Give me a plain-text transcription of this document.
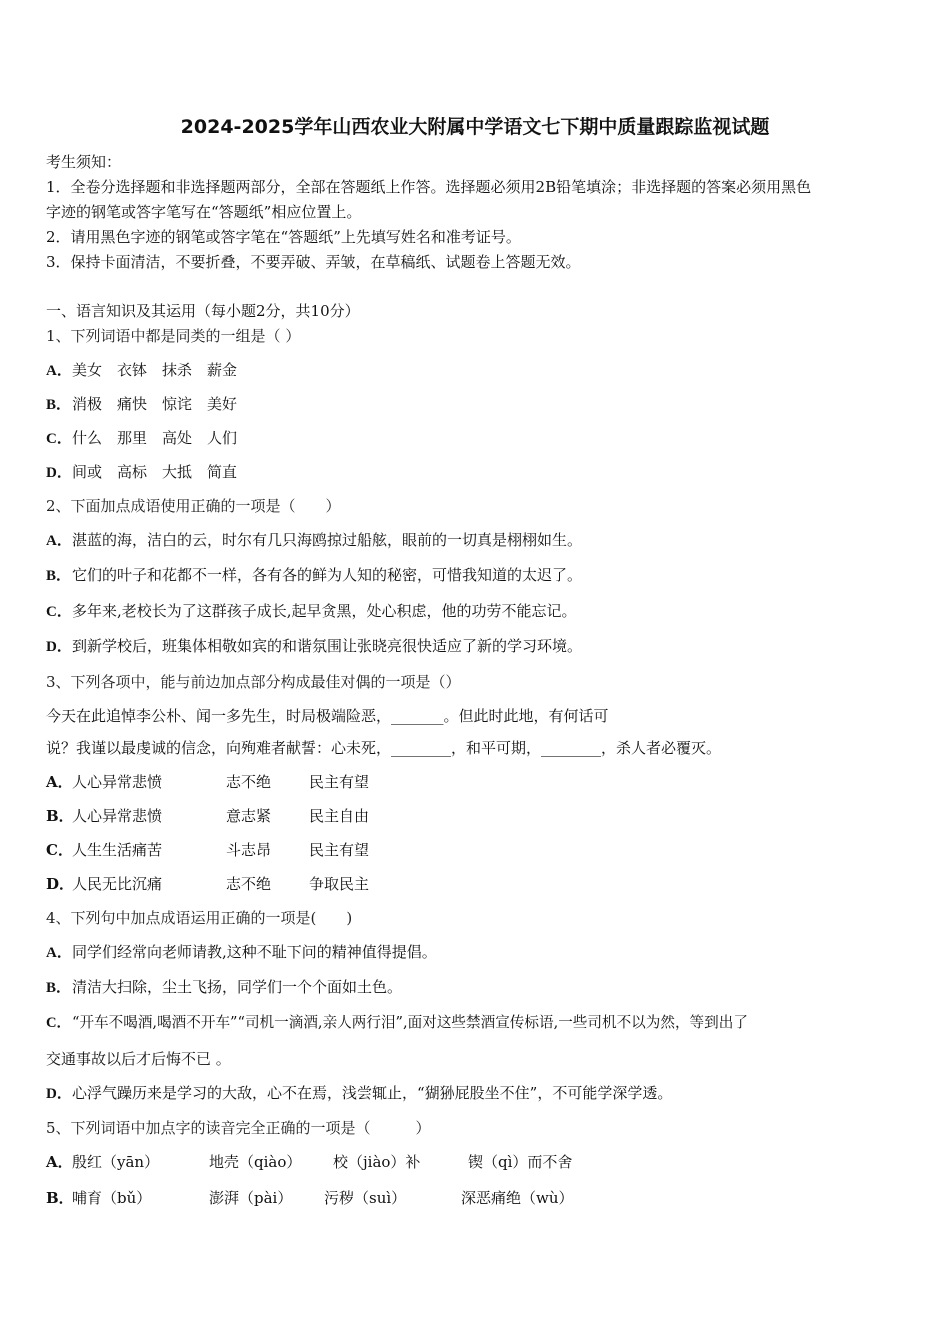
2024-2025学年山西农业大附属中学语文七下期中质量跟踪监视试题
考生须知：
1．全卷分选择题和非选择题两部分，全部在答题纸上作答。选择题必须用2B铅笔填涂；非选择题的答案必须用黑色
字迹的钢笔或答字笔写在“答题纸”相应位置上。
2．请用黑色字迹的钢笔或答字笔在“答题纸”上先填写姓名和准考证号。
3．保持卡面清洁，不要折叠，不要弄破、弄皱，在草稿纸、试题卷上答题无效。
一、语言知识及其运用（每小题2分，共10分）
1、下列词语中都是同类的一组是（ ）
A．美女　衣钵　抹杀　薪金
B．消极　痛快　惊诧　美好
C．什么　那里　高处　人们
D．间或　高标　大抵　简直
2、下面加点成语使用正确的一项是（　　）
A．湛蓝的海，洁白的云，时尔有几只海鸥掠过船舷，眼前的一切真是栩栩如生。
B．它们的叶子和花都不一样，各有各的鲜为人知的秘密，可惜我知道的太迟了。
C．多年来,老校长为了这群孩子成长,起早贪黑，处心积虑，他的功劳不能忘记。
D．到新学校后，班集体相敬如宾的和谐氛围让张晓亮很快适应了新的学习环境。
3、下列各项中，能与前边加点部分构成最佳对偶的一项是（）
今天在此追悼李公朴、闻一多先生，时局极端险恶，_______。但此时此地，有何话可
说？我谨以最虔诚的信念，向殉难者献誓：心未死，________，和平可期，________，杀人者必覆灭。
A．人心异常悲愤	志不绝	民主有望
B．人心异常悲愤	意志紧	民主自由
C．人生生活痛苦	斗志昂	民主有望
D．人民无比沉痛	志不绝	争取民主
4、下列句中加点成语运用正确的一项是(　　)
A．同学们经常向老师请教,这种不耻下问的精神值得提倡。
B．清洁大扫除，尘土飞扬，同学们一个个面如土色。
C．“开车不喝酒,喝酒不开车”“司机一滴酒,亲人两行泪”,面对这些禁酒宣传标语,一些司机不以为然，等到出了
交通事故以后才后悔不已 。
D．心浮气躁历来是学习的大敌，心不在焉，浅尝辄止，“猢狲屁股坐不住”，不可能学深学透。
5、下列词语中加点字的读音完全正确的一项是（　　　）
A．殷红（yān）	地壳（qiào） 校（jiào）补	锲（qì）而不舍
B．哺育（bǔ）	澎湃（pài） 污秽（suì）	深恶痛绝（wù）
